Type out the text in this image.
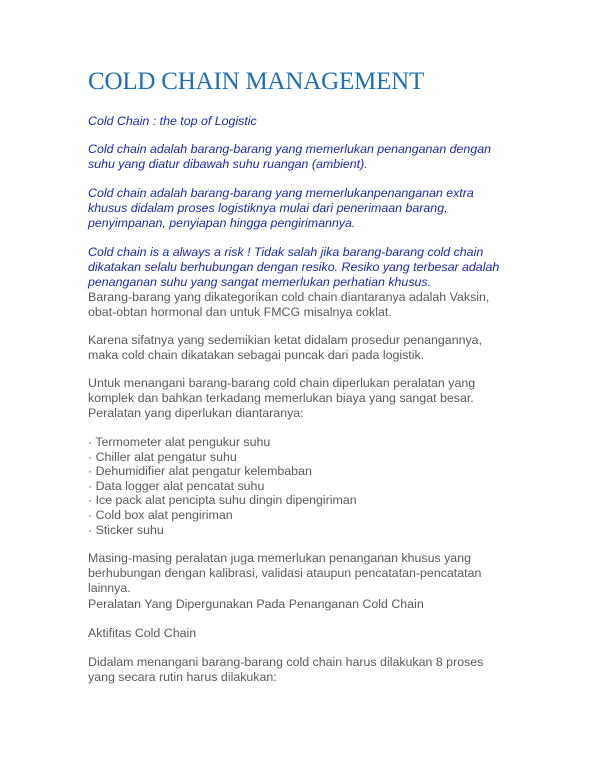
COLD CHAIN MANAGEMENT

Cold Chain : the top of Logistic

Cold chain adalah barang-barang yang memerlukan penanganan dengan
suhu yang diatur dibawah suhu ruangan (ambient).

Cold chain adalah barang-barang yang memerlukanpenanganan extra
khusus didalam proses logistiknya mulai dari penerimaan barang,
penyimpanan, penyiapan hingga pengirimannya.

Cold chain is a always a risk ! Tidak salah jika barang-barang cold chain
dikatakan selalu berhubungan dengan resiko. Resiko yang terbesar adalah
penanganan suhu yang sangat memerlukan perhatian khusus.

Barang-barang yang dikategorikan cold chain diantaranya adalah Vaksin,
obat-obtan hormonal dan untuk FMCG misalnya coklat.

Karena sifatnya yang sedemikian ketat didalam prosedur penangannya,
maka cold chain dikatakan sebagai puncak dari pada logistik.

Untuk menangani barang-barang cold chain diperlukan peralatan yang
komplek dan bahkan terkadang memerlukan biaya yang sangat besar.
Peralatan yang diperlukan diantaranya:

· Termometer alat pengukur suhu
· Chiller alat pengatur suhu
· Dehumidifier alat pengatur kelembaban
· Data logger alat pencatat suhu
· Ice pack alat pencipta suhu dingin dipengiriman
· Cold box alat pengiriman
· Sticker suhu

Masing-masing peralatan juga memerlukan penanganan khusus yang
berhubungan dengan kalibrasi, validasi ataupun pencatatan-pencatatan
lainnya.
Peralatan Yang Dipergunakan Pada Penanganan Cold Chain

Aktifitas Cold Chain

Didalam menangani barang-barang cold chain harus dilakukan 8 proses
yang secara rutin harus dilakukan:
